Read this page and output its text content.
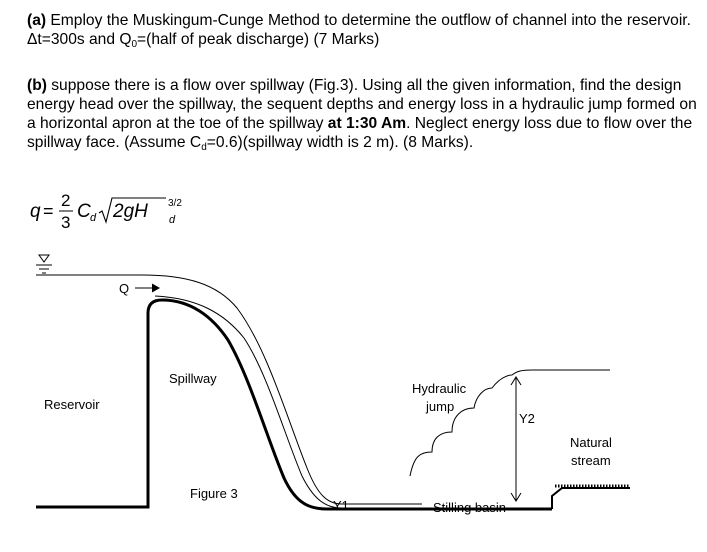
(a) Employ the Muskingum-Cunge Method to determine the outflow of channel into the reservoir. Δt=300s and Q0=(half of peak discharge) (7 Marks)

(b) suppose there is a flow over spillway (Fig.3). Using all the given information, find the design energy head over the spillway, the sequent depths and energy loss in a hydraulic jump formed on a horizontal apron at the toe of the spillway at 1:30 Am. Neglect energy loss due to flow over the spillway face. (Assume Cd=0.6)(spillway width is 2 m). (8 Marks).

q =
2
3
C d 2gH 3/2
d
Q
Spillway
Reservoir
Hydraulic
jump
Y2
Natural
stream
Figure 3
Y1	Stilling basin
